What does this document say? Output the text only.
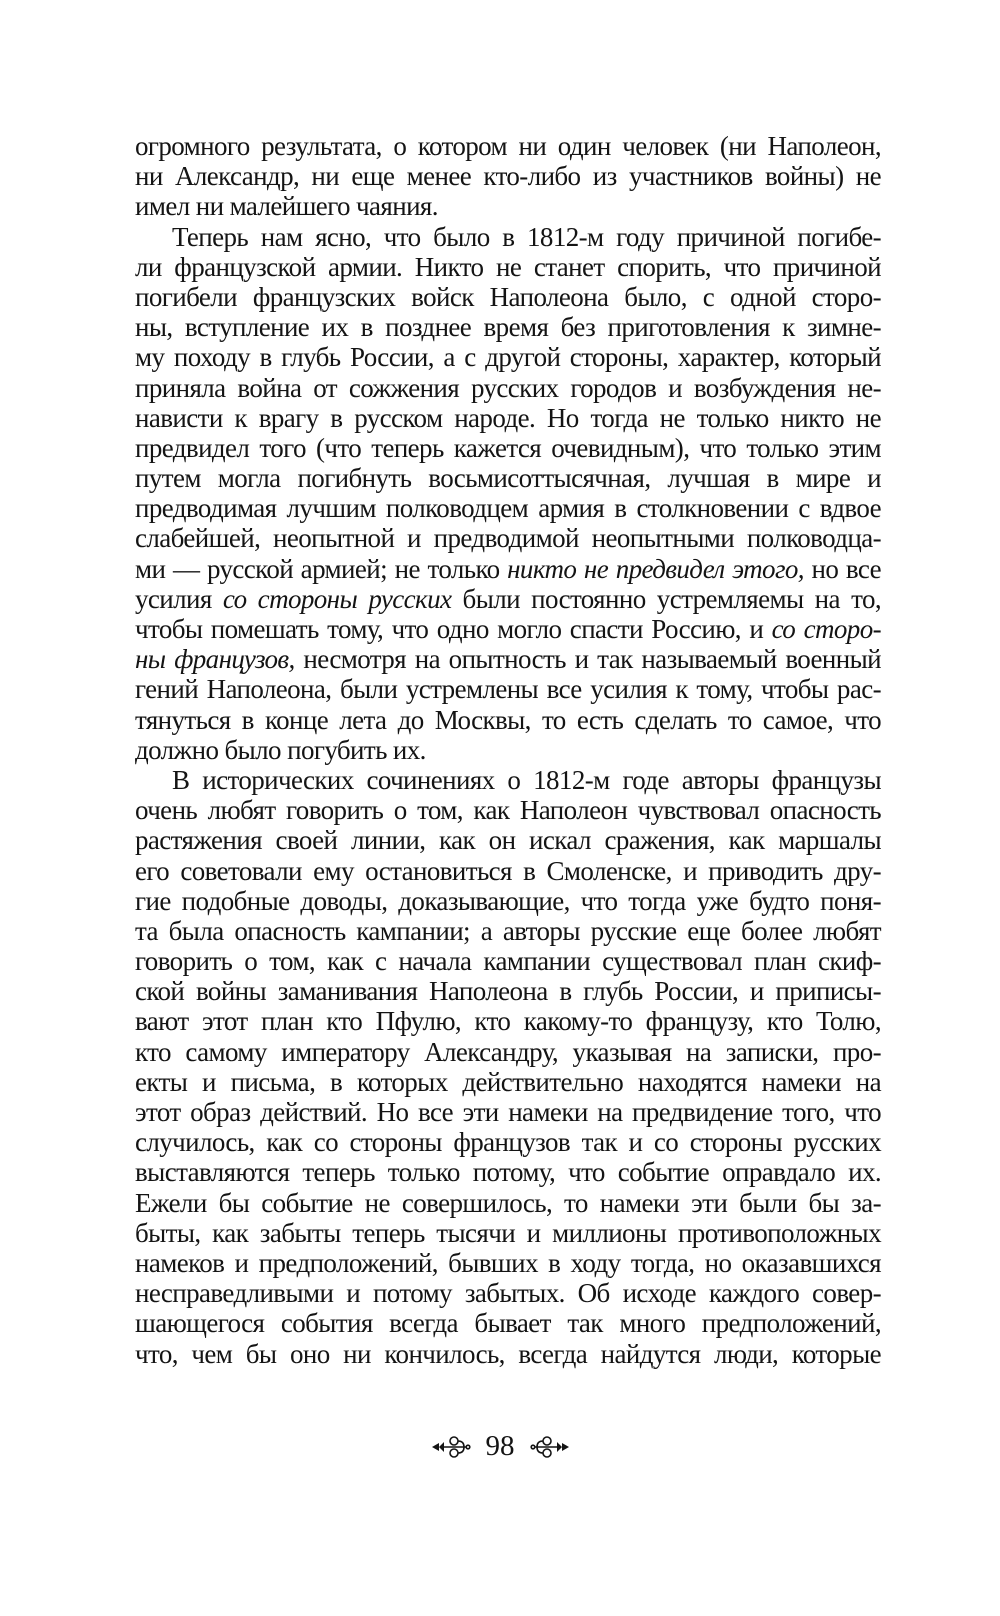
огромного результата, о котором ни один человек (ни Наполеон,
ни Александр, ни еще менее кто-либо из участников войны) не
имел ни малейшего чаяния.
Теперь нам ясно, что было в 1812-м году причиной погибе-
ли французской армии. Никто не станет спорить, что причиной
погибели французских войск Наполеона было, с одной сторо-
ны, вступление их в позднее время без приготовления к зимне-
му походу в глубь России, а с другой стороны, характер, который
приняла война от сожжения русских городов и возбуждения не-
нависти к врагу в русском народе. Но тогда не только никто не
предвидел того (что теперь кажется очевидным), что только этим
путем могла погибнуть восьмисоттысячная, лучшая в мире и
предводимая лучшим полководцем армия в столкновении с вдвое
слабейшей, неопытной и предводимой неопытными полководца-
ми — русской армией; не только никто не предвидел этого, но все
усилия со стороны русских были постоянно устремляемы на то,
чтобы помешать тому, что одно могло спасти Россию, и со сторо-
ны французов, несмотря на опытность и так называемый военный
гений Наполеона, были устремлены все усилия к тому, чтобы рас-
тянуться в конце лета до Москвы, то есть сделать то самое, что
должно было погубить их.
В исторических сочинениях о 1812-м годе авторы французы
очень любят говорить о том, как Наполеон чувствовал опасность
растяжения своей линии, как он искал сражения, как маршалы
его советовали ему остановиться в Смоленске, и приводить дру-
гие подобные доводы, доказывающие, что тогда уже будто поня-
та была опасность кампании; а авторы русские еще более любят
говорить о том, как с начала кампании существовал план скиф-
ской войны заманивания Наполеона в глубь России, и приписы-
вают этот план кто Пфулю, кто какому-то французу, кто Толю,
кто самому императору Александру, указывая на записки, про-
екты и письма, в которых действительно находятся намеки на
этот образ действий. Но все эти намеки на предвидение того, что
случилось, как со стороны французов так и со стороны русских
выставляются теперь только потому, что событие оправдало их.
Ежели бы событие не совершилось, то намеки эти были бы за-
быты, как забыты теперь тысячи и миллионы противоположных
намеков и предположений, бывших в ходу тогда, но оказавшихся
несправедливыми и потому забытых. Об исходе каждого совер-
шающегося события всегда бывает так много предположений,
что, чем бы оно ни кончилось, всегда найдутся люди, которые
98
